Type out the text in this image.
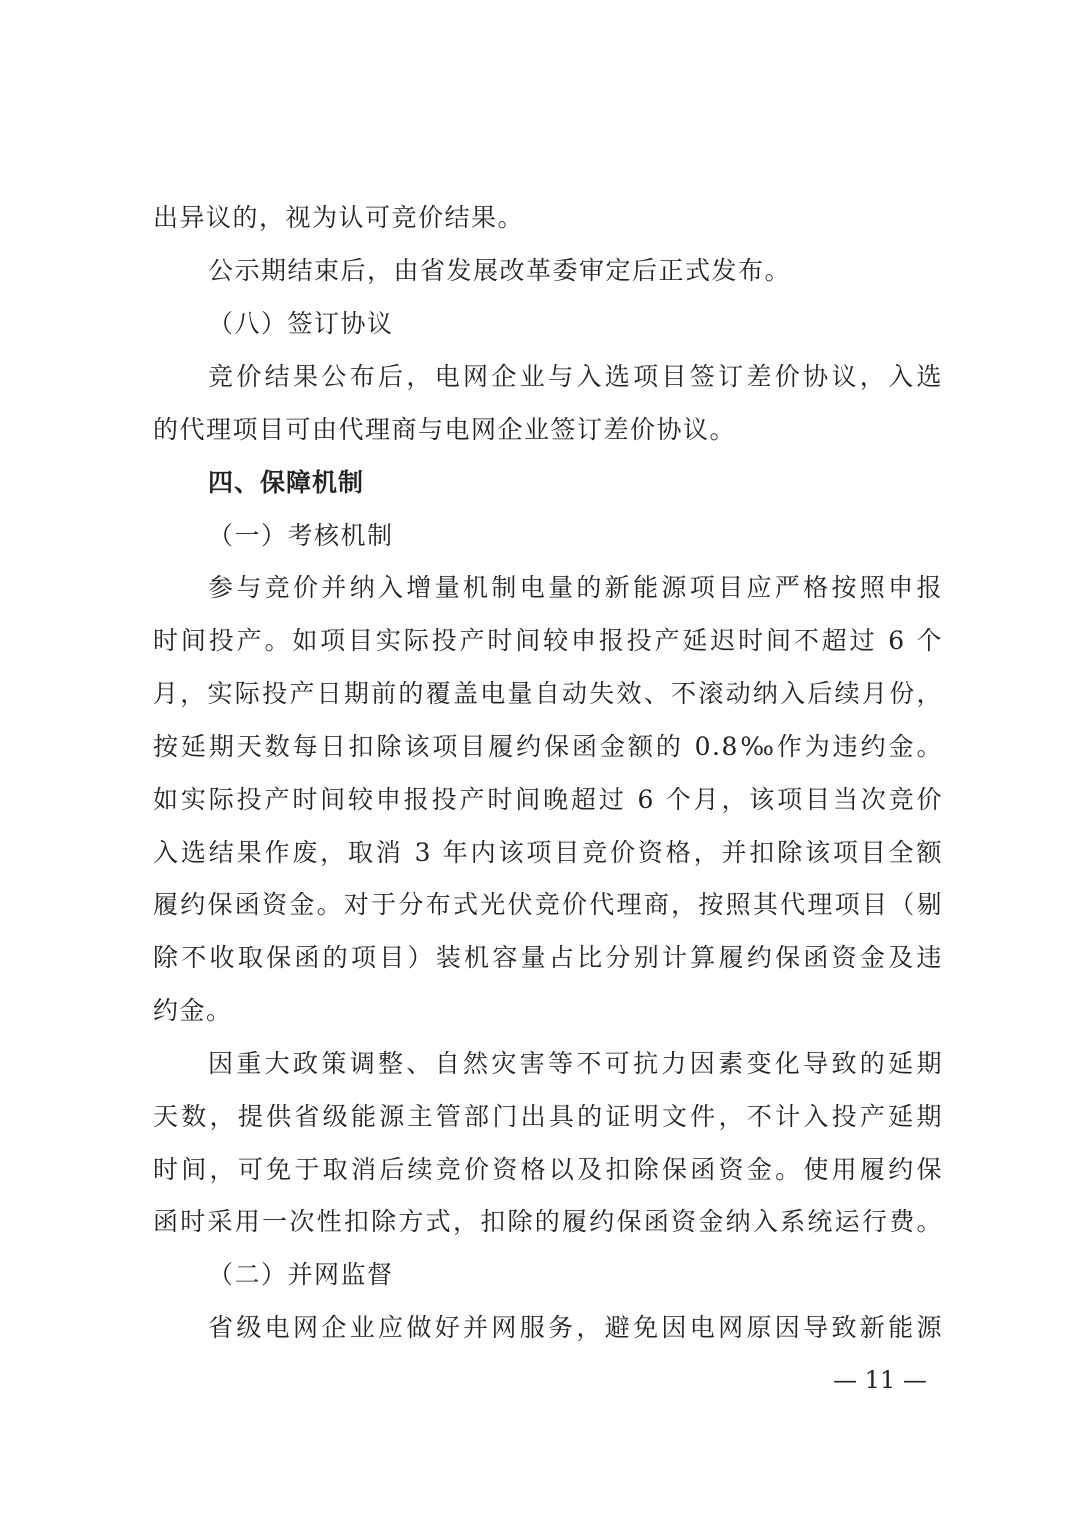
出异议的，视为认可竞价结果。
公示期结束后，由省发展改革委审定后正式发布。
（八）签订协议
竞价结果公布后，电网企业与入选项目签订差价协议，入选
的代理项目可由代理商与电网企业签订差价协议。
四、保障机制
（一）考核机制
参与竞价并纳入增量机制电量的新能源项目应严格按照申报
时间投产。如项目实际投产时间较申报投产延迟时间不超过 6 个
月，实际投产日期前的覆盖电量自动失效、不滚动纳入后续月份，
按延期天数每日扣除该项目履约保函金额的 0.8‰作为违约金。
如实际投产时间较申报投产时间晚超过 6 个月，该项目当次竞价
入选结果作废，取消 3 年内该项目竞价资格，并扣除该项目全额
履约保函资金。对于分布式光伏竞价代理商，按照其代理项目（剔
除不收取保函的项目）装机容量占比分别计算履约保函资金及违
约金。
因重大政策调整、自然灾害等不可抗力因素变化导致的延期
天数，提供省级能源主管部门出具的证明文件，不计入投产延期
时间，可免于取消后续竞价资格以及扣除保函资金。使用履约保
函时采用一次性扣除方式，扣除的履约保函资金纳入系统运行费。
（二）并网监督
省级电网企业应做好并网服务，避免因电网原因导致新能源
— 11 —
